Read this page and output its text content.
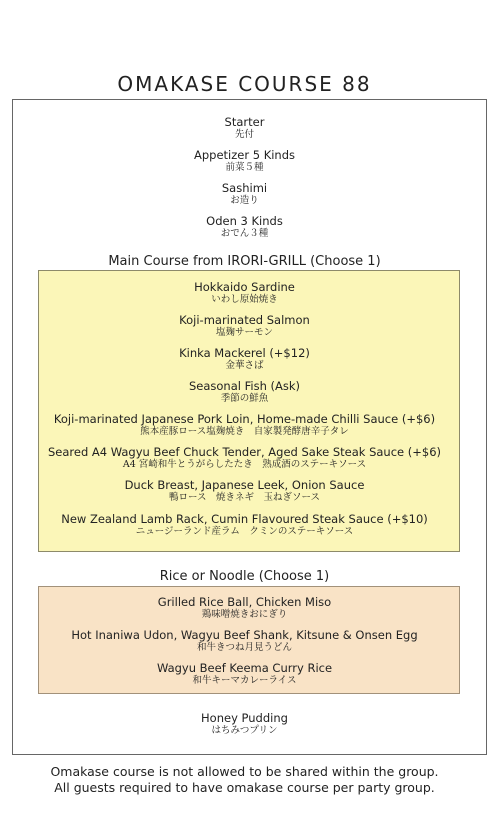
OMAKASE COURSE 88
Starter
先付
Appetizer 5 Kinds
前菜５種
Sashimi
お造り
Oden 3 Kinds
おでん３種
Main Course from IRORI-GRILL (Choose 1)
Hokkaido Sardine
いわし原始焼き
Koji-marinated Salmon
塩麹サーモン
Kinka Mackerel (+$12)
金華さば
Seasonal Fish (Ask)
季節の鮮魚
Koji-marinated Japanese Pork Loin, Home-made Chilli Sauce (+$6)
熊本産豚ロース塩麹焼き　自家製発酵唐辛子タレ
Seared A4 Wagyu Beef Chuck Tender, Aged Sake Steak Sauce (+$6)
A4 宮崎和牛とうがらしたたき　熟成酒のステーキソース
Duck Breast, Japanese Leek, Onion Sauce
鴨ロース　焼きネギ　玉ねぎソース
New Zealand Lamb Rack, Cumin Flavoured Steak Sauce (+$10)
ニュージーランド産ラム　クミンのステーキソース
Rice or Noodle (Choose 1)
Grilled Rice Ball, Chicken Miso
鶏味噌焼きおにぎり
Hot Inaniwa Udon, Wagyu Beef Shank, Kitsune & Onsen Egg
和牛きつね月見うどん
Wagyu Beef Keema Curry Rice
和牛キーマカレーライス
Honey Pudding
はちみつプリン
Omakase course is not allowed to be shared within the group.
All guests required to have omakase course per party group.
